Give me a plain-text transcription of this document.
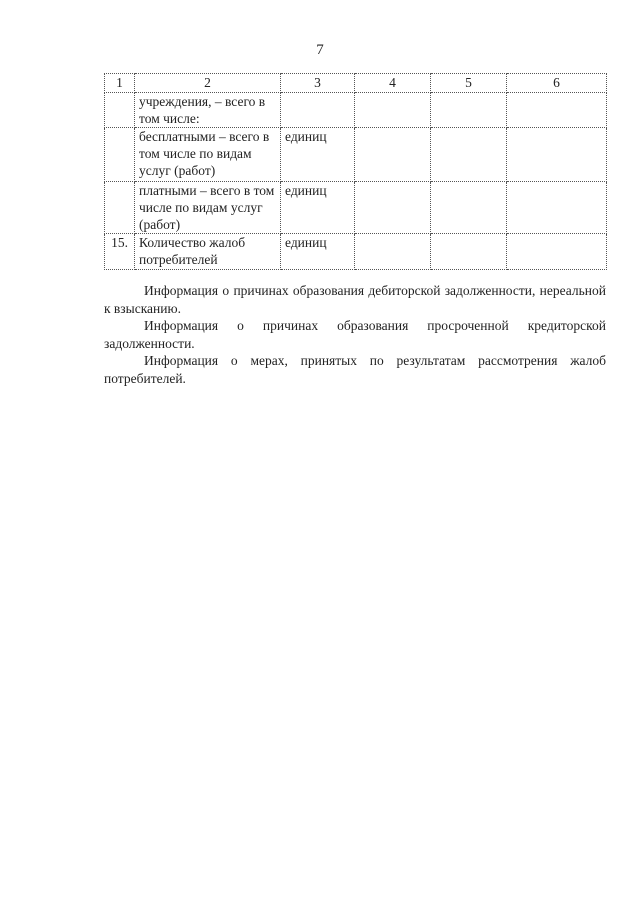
7
1	2	3	4	5	6
	учреждения, – всего в том числе:				
	бесплатными – всего в том числе по видам услуг (работ)	единиц			
	платными – всего в том числе по видам услуг (работ)	единиц			
15.	Количество жалоб потребителей	единиц			

Информация о причинах образования дебиторской задолженности, нереальной к взысканию.

Информация о причинах образования просроченной кредиторской задолженности.

Информация о мерах, принятых по результатам рассмотрения жалоб потребителей.
